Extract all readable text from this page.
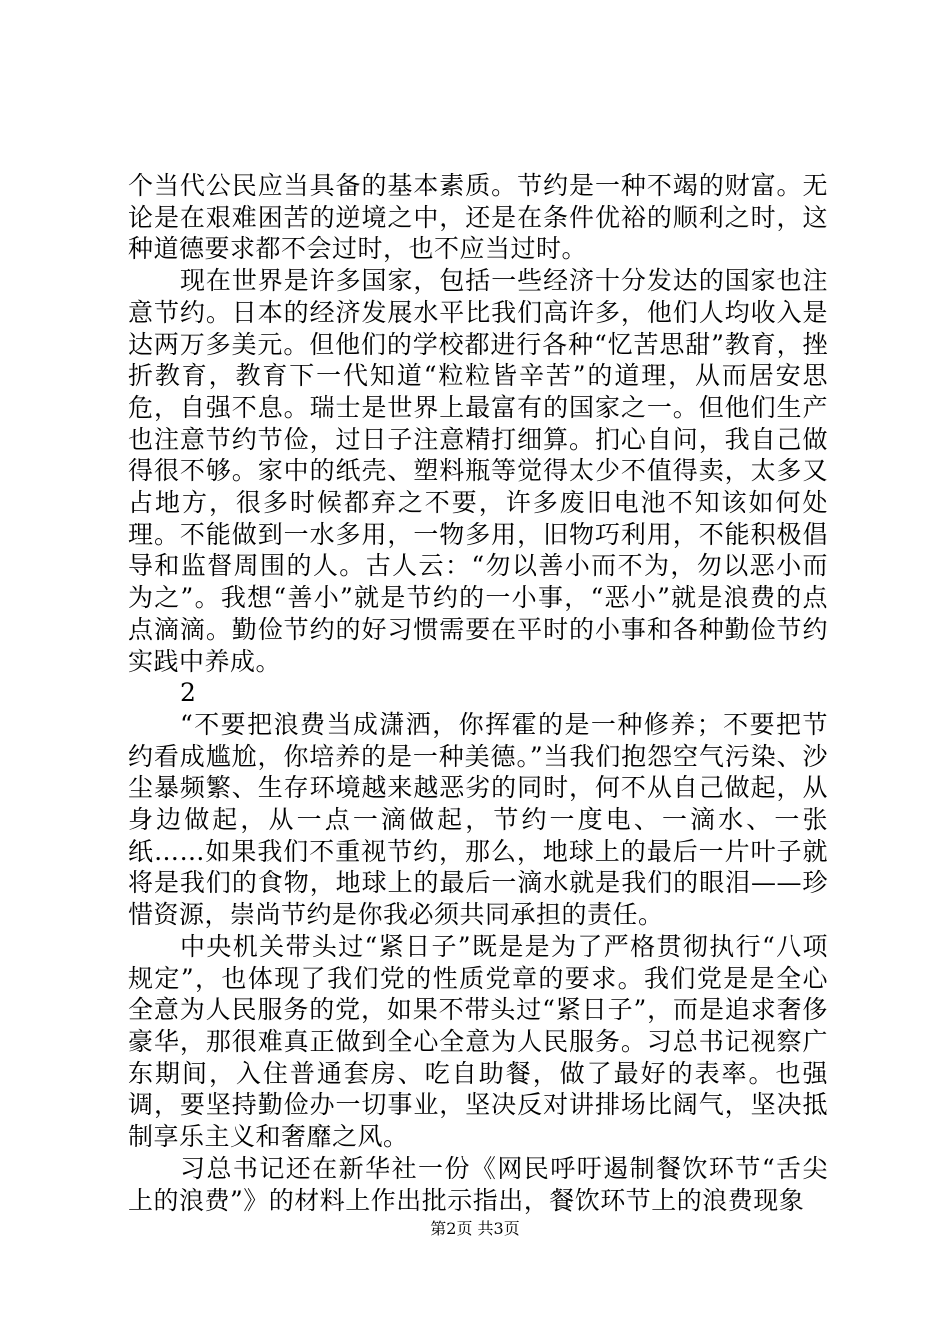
个当代公民应当具备的基本素质。节约是一种不竭的财富。无论是在艰难困苦的逆境之中，还是在条件优裕的顺利之时，这种道德要求都不会过时，也不应当过时。

现在世界是许多国家，包括一些经济十分发达的国家也注意节约。日本的经济发展水平比我们高许多，他们人均收入是达两万多美元。但他们的学校都进行各种“忆苦思甜”教育，挫折教育，教育下一代知道“粒粒皆辛苦”的道理，从而居安思危，自强不息。瑞士是世界上最富有的国家之一。但他们生产也注意节约节俭，过日子注意精打细算。扪心自问，我自己做得很不够。家中的纸壳、塑料瓶等觉得太少不值得卖，太多又占地方，很多时候都弃之不要，许多废旧电池不知该如何处理。不能做到一水多用，一物多用，旧物巧利用，不能积极倡导和监督周围的人。古人云：“勿以善小而不为，勿以恶小而为之”。我想“善小”就是节约的一小事，“恶小”就是浪费的点点滴滴。勤俭节约的好习惯需要在平时的小事和各种勤俭节约实践中养成。

2

“不要把浪费当成潇洒，你挥霍的是一种修养；不要把节约看成尴尬，你培养的是一种美德。”当我们抱怨空气污染、沙尘暴频繁、生存环境越来越恶劣的同时，何不从自己做起，从身边做起，从一点一滴做起，节约一度电、一滴水、一张纸……如果我们不重视节约，那么，地球上的最后一片叶子就将是我们的食物，地球上的最后一滴水就是我们的眼泪——珍惜资源，崇尚节约是你我必须共同承担的责任。

中央机关带头过“紧日子”既是是为了严格贯彻执行“八项规定”，也体现了我们党的性质党章的要求。我们党是是全心全意为人民服务的党，如果不带头过“紧日子”，而是追求奢侈豪华，那很难真正做到全心全意为人民服务。习总书记视察广东期间，入住普通套房、吃自助餐，做了最好的表率。也强调，要坚持勤俭办一切事业，坚决反对讲排场比阔气，坚决抵制享乐主义和奢靡之风。

习总书记还在新华社一份《网民呼吁遏制餐饮环节“舌尖上的浪费”》的材料上作出批示指出，餐饮环节上的浪费现象

第2页 共3页
